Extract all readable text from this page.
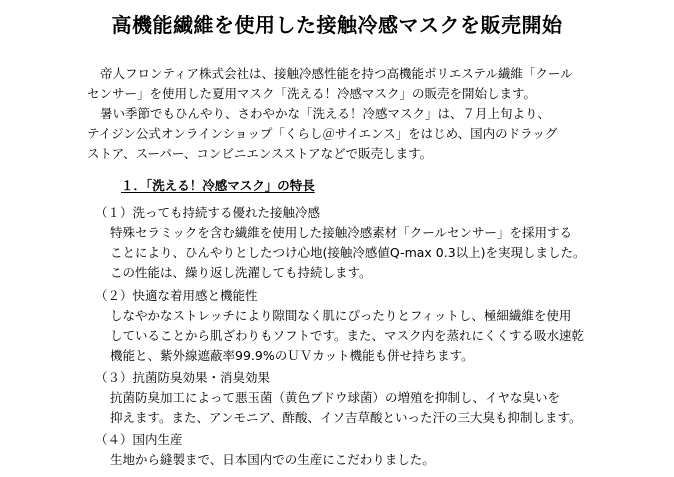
高機能繊維を使用した接触冷感マスクを販売開始
帝人フロンティア株式会社は、接触冷感性能を持つ高機能ポリエステル繊維「クール
センサー」を使用した夏用マスク「洗える！冷感マスク」の販売を開始します。
暑い季節でもひんやり、さわやかな「洗える！冷感マスク」は、７月上旬より、
テイジン公式オンラインショップ「くらし＠サイエンス」をはじめ、国内のドラッグ
ストア、スーパー、コンビニエンスストアなどで販売します。
１．「洗える！冷感マスク」の特長
（１）洗っても持続する優れた接触冷感
特殊セラミックを含む繊維を使用した接触冷感素材「クールセンサー」を採用する
ことにより、ひんやりとしたつけ心地(接触冷感値Q-max 0.3以上)を実現しました。
この性能は、繰り返し洗濯しても持続します。
（２）快適な着用感と機能性
しなやかなストレッチにより隙間なく肌にぴったりとフィットし、極細繊維を使用
していることから肌ざわりもソフトです。また、マスク内を蒸れにくくする吸水速乾
機能と、紫外線遮蔽率99.9%のＵＶカット機能も併せ持ちます。
（３）抗菌防臭効果・消臭効果
抗菌防臭加工によって悪玉菌（黄色ブドウ球菌）の増殖を抑制し、イヤな臭いを
抑えます。また、アンモニア、酢酸、イソ吉草酸といった汗の三大臭も抑制します。
（４）国内生産
生地から縫製まで、日本国内での生産にこだわりました。
